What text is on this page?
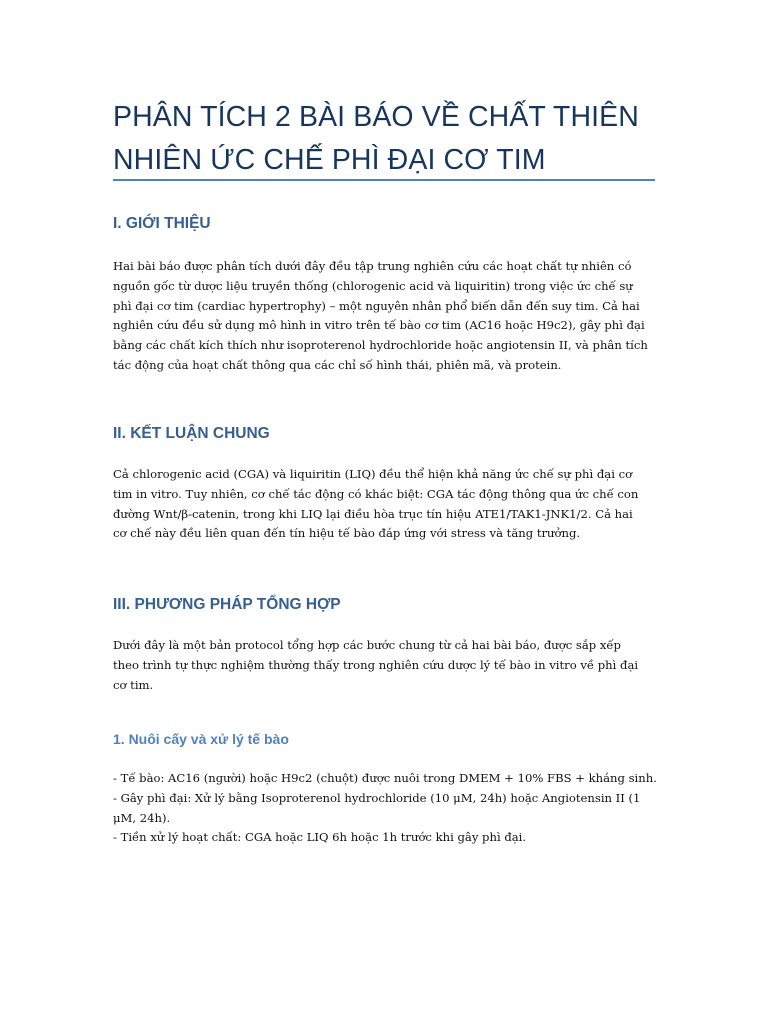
PHÂN TÍCH 2 BÀI BÁO VỀ CHẤT THIÊN
NHIÊN ỨC CHẾ PHÌ ĐẠI CƠ TIM
I. GIỚI THIỆU

Hai bài báo được phân tích dưới đây đều tập trung nghiên cứu các hoạt chất tự nhiên có
nguồn gốc từ dược liệu truyền thống (chlorogenic acid và liquiritin) trong việc ức chế sự
phì đại cơ tim (cardiac hypertrophy) – một nguyên nhân phổ biến dẫn đến suy tim. Cả hai
nghiên cứu đều sử dụng mô hình in vitro trên tế bào cơ tim (AC16 hoặc H9c2), gây phì đại
bằng các chất kích thích như isoproterenol hydrochloride hoặc angiotensin II, và phân tích
tác động của hoạt chất thông qua các chỉ số hình thái, phiên mã, và protein.

II. KẾT LUẬN CHUNG

Cả chlorogenic acid (CGA) và liquiritin (LIQ) đều thể hiện khả năng ức chế sự phì đại cơ
tim in vitro. Tuy nhiên, cơ chế tác động có khác biệt: CGA tác động thông qua ức chế con
đường Wnt/β-catenin, trong khi LIQ lại điều hòa trục tín hiệu ATE1/TAK1-JNK1/2. Cả hai
cơ chế này đều liên quan đến tín hiệu tế bào đáp ứng với stress và tăng trưởng.

III. PHƯƠNG PHÁP TỔNG HỢP

Dưới đây là một bản protocol tổng hợp các bước chung từ cả hai bài báo, được sắp xếp
theo trình tự thực nghiệm thường thấy trong nghiên cứu dược lý tế bào in vitro về phì đại
cơ tim.

1. Nuôi cấy và xử lý tế bào

- Tế bào: AC16 (người) hoặc H9c2 (chuột) được nuôi trong DMEM + 10% FBS + kháng sinh.
- Gây phì đại: Xử lý bằng Isoproterenol hydrochloride (10 μM, 24h) hoặc Angiotensin II (1
μM, 24h).
- Tiền xử lý hoạt chất: CGA hoặc LIQ 6h hoặc 1h trước khi gây phì đại.
